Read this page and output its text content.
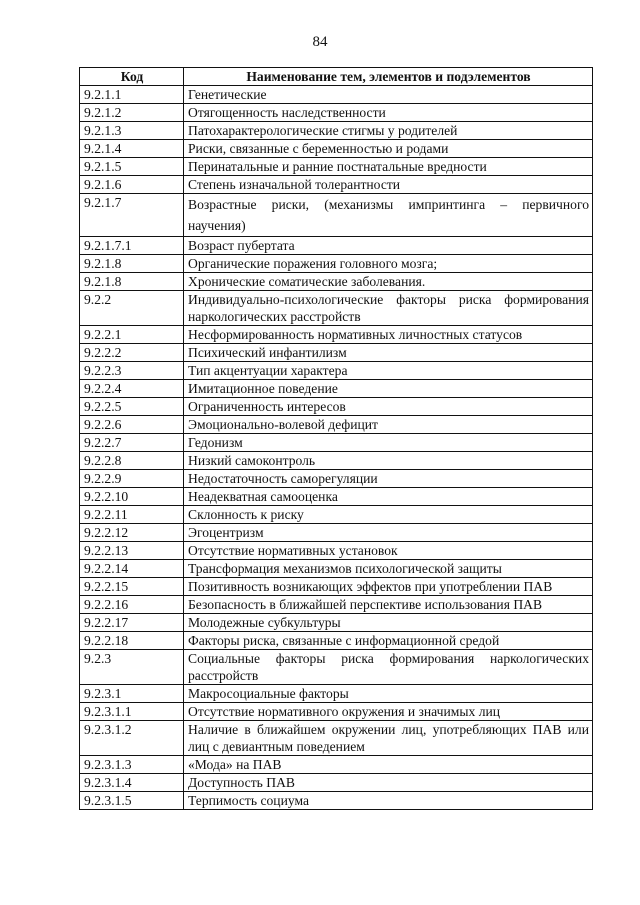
84
Код	Наименование тем, элементов и подэлементов
9.2.1.1	Генетические
9.2.1.2	Отягощенность наследственности
9.2.1.3	Патохарактерологические стигмы у родителей
9.2.1.4	Риски, связанные с беременностью и родами
9.2.1.5	Перинатальные и ранние постнатальные вредности
9.2.1.6	Степень изначальной толерантности
9.2.1.7	Возрастные риски, (механизмы импринтинга – первичного научения)
9.2.1.7.1	Возраст пубертата
9.2.1.8	Органические поражения головного мозга;
9.2.1.8	Хронические соматические заболевания.
9.2.2	Индивидуально-психологические факторы риска формирования наркологических расстройств
9.2.2.1	Несформированность нормативных личностных статусов
9.2.2.2	Психический инфантилизм
9.2.2.3	Тип акцентуации характера
9.2.2.4	Имитационное поведение
9.2.2.5	Ограниченность интересов
9.2.2.6	Эмоционально-волевой дефицит
9.2.2.7	Гедонизм
9.2.2.8	Низкий самоконтроль
9.2.2.9	Недостаточность саморегуляции
9.2.2.10	Неадекватная самооценка
9.2.2.11	Склонность к риску
9.2.2.12	Эгоцентризм
9.2.2.13	Отсутствие нормативных установок
9.2.2.14	Трансформация механизмов психологической защиты
9.2.2.15	Позитивность возникающих эффектов при употреблении ПАВ
9.2.2.16	Безопасность в ближайшей перспективе использования ПАВ
9.2.2.17	Молодежные субкультуры
9.2.2.18	Факторы риска, связанные с информационной средой
9.2.3	Социальные факторы риска формирования наркологических расстройств
9.2.3.1	Макросоциальные факторы
9.2.3.1.1	Отсутствие нормативного окружения и значимых лиц
9.2.3.1.2	Наличие в ближайшем окружении лиц, употребляющих ПАВ или лиц с девиантным поведением
9.2.3.1.3	«Мода» на ПАВ
9.2.3.1.4	Доступность ПАВ
9.2.3.1.5	Терпимость социума
